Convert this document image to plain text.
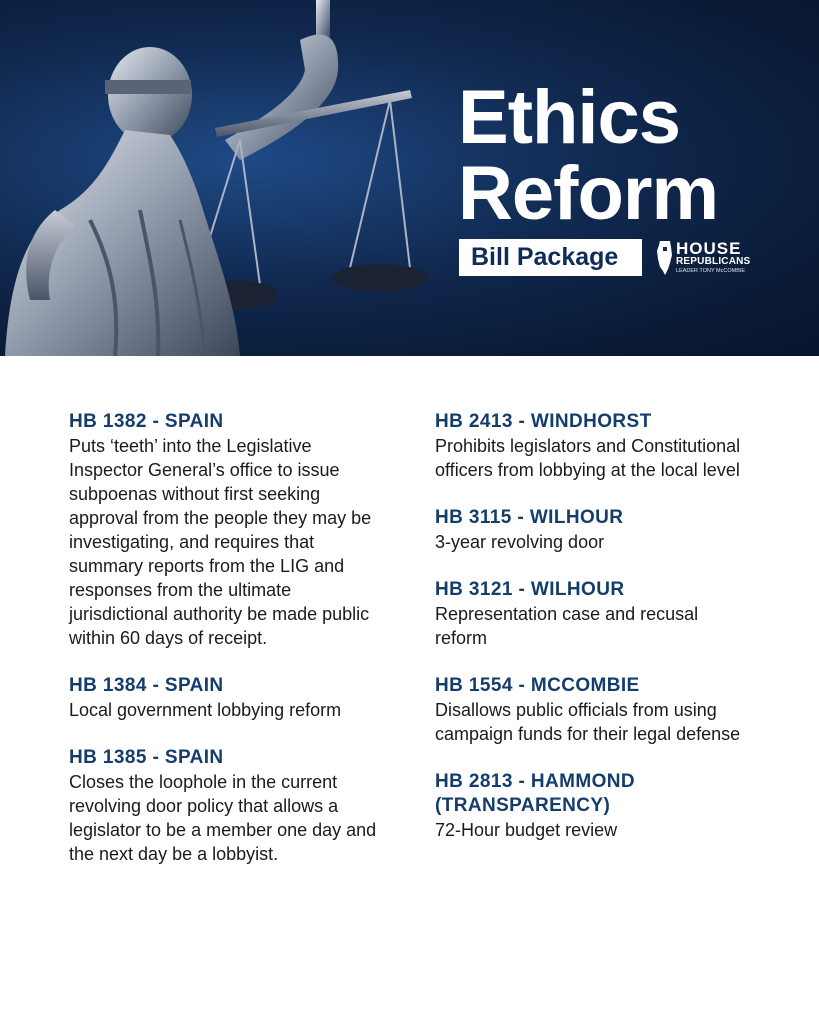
Ethics
Reform
Bill Package	HOUSE
REPUBLICANS
LEADER TONY McCOMBIE
HB 1382 - SPAIN

Puts ‘teeth’ into the Legislative Inspector General’s office to issue subpoenas without first seeking approval from the people they may be investigating, and requires that summary reports from the LIG and responses from the ultimate jurisdictional authority be made public within 60 days of receipt.

HB 1384 - SPAIN

Local government lobbying reform

HB 1385 - SPAIN

Closes the loophole in the current revolving door policy that allows a legislator to be a member one day and the next day be a lobbyist.

HB 2413 - WINDHORST

Prohibits legislators and Constitutional officers from lobbying at the local level

HB 3115 - WILHOUR

3-year revolving door

HB 3121 - WILHOUR

Representation case and recusal reform

HB 1554 - MCCOMBIE

Disallows public officials from using campaign funds for their legal defense

HB 2813 - HAMMOND (TRANSPARENCY)

72-Hour budget review
